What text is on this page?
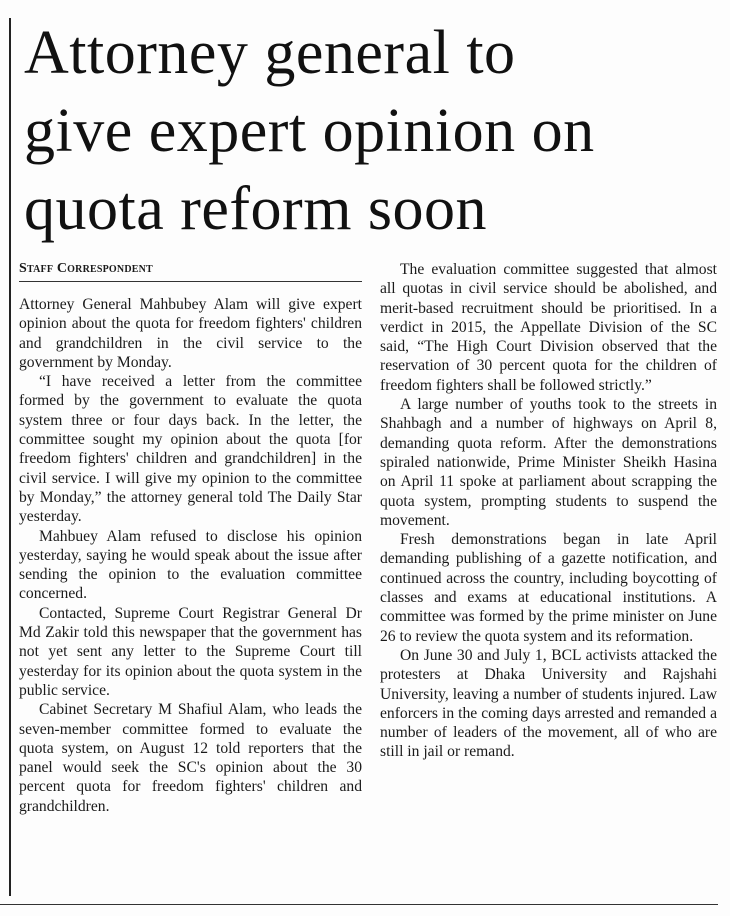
Attorney general to
give expert opinion on
quota reform soon
Staff Correspondent

Attorney General Mahbubey Alam will give expert opinion about the quota for freedom fighters' children and grandchildren in the civil service to the government by Monday.

“I have received a letter from the committee formed by the government to evaluate the quota system three or four days back. In the letter, the committee sought my opinion about the quota [for freedom fighters' children and grandchildren] in the civil service. I will give my opinion to the committee by Monday,” the attorney general told The Daily Star yesterday.

Mahbuey Alam refused to disclose his opinion yesterday, saying he would speak about the issue after sending the opinion to the evaluation committee concerned.

Contacted, Supreme Court Registrar General Dr Md Zakir told this newspaper that the government has not yet sent any letter to the Supreme Court till yesterday for its opinion about the quota system in the public service.

Cabinet Secretary M Shafiul Alam, who leads the seven-member committee formed to evaluate the quota system, on August 12 told reporters that the panel would seek the SC's opinion about the 30 percent quota for freedom fighters' children and grandchildren.

The evaluation committee suggested that almost all quotas in civil service should be abolished, and merit-based recruitment should be prioritised. In a verdict in 2015, the Appellate Division of the SC said, “The High Court Division observed that the reservation of 30 percent quota for the children of freedom fighters shall be followed strictly.”

A large number of youths took to the streets in Shahbagh and a number of highways on April 8, demanding quota reform. After the demonstrations spiraled nationwide, Prime Minister Sheikh Hasina on April 11 spoke at parliament about scrapping the quota system, prompting students to suspend the movement.

Fresh demonstrations began in late April demanding publishing of a gazette notification, and continued across the country, including boycotting of classes and exams at educational institutions. A committee was formed by the prime minister on June 26 to review the quota system and its reformation.

On June 30 and July 1, BCL activists attacked the protesters at Dhaka University and Rajshahi University, leaving a number of students injured. Law enforcers in the coming days arrested and remanded a number of leaders of the movement, all of who are still in jail or remand.
